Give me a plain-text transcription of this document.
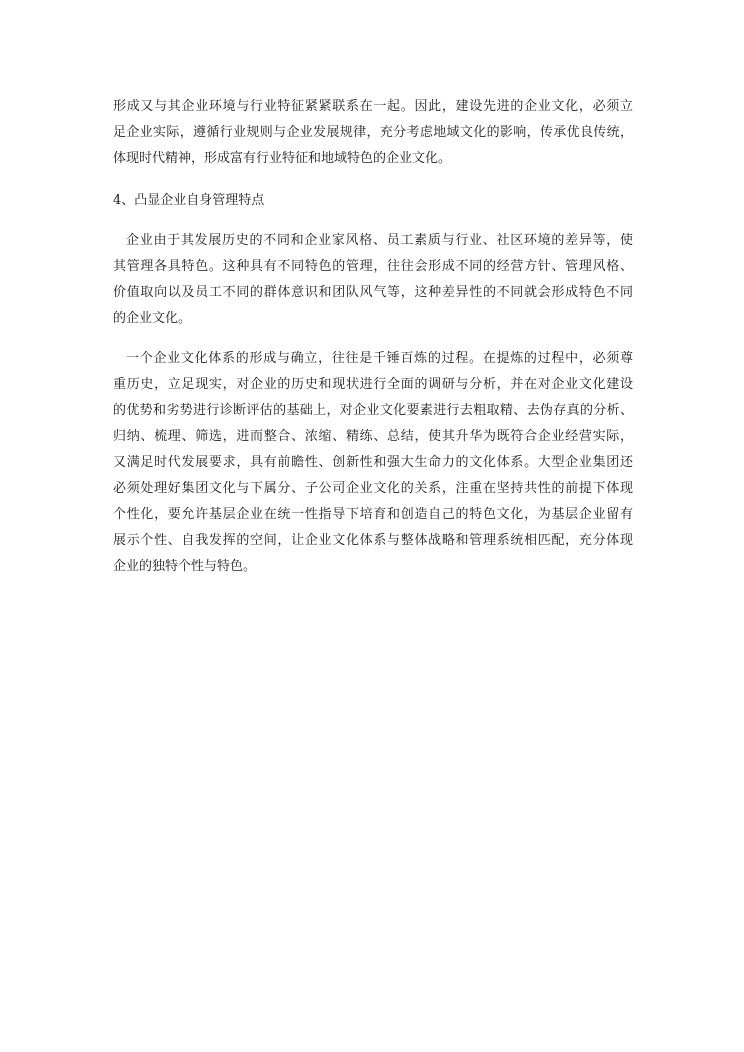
形成又与其企业环境与行业特征紧紧联系在一起。因此，建设先进的企业文化，必须立
足企业实际，遵循行业规则与企业发展规律，充分考虑地域文化的影响，传承优良传统，
体现时代精神，形成富有行业特征和地域特色的企业文化。
4、凸显企业自身管理特点
企业由于其发展历史的不同和企业家风格、员工素质与行业、社区环境的差异等，使
其管理各具特色。这种具有不同特色的管理，往往会形成不同的经营方针、管理风格、
价值取向以及员工不同的群体意识和团队风气等，这种差异性的不同就会形成特色不同
的企业文化。
一个企业文化体系的形成与确立，往往是千锤百炼的过程。在提炼的过程中，必须尊
重历史，立足现实，对企业的历史和现状进行全面的调研与分析，并在对企业文化建设
的优势和劣势进行诊断评估的基础上，对企业文化要素进行去粗取精、去伪存真的分析、
归纳、梳理、筛选，进而整合、浓缩、精练、总结，使其升华为既符合企业经营实际，
又满足时代发展要求，具有前瞻性、创新性和强大生命力的文化体系。大型企业集团还
必须处理好集团文化与下属分、子公司企业文化的关系，注重在坚持共性的前提下体现
个性化，要允许基层企业在统一性指导下培育和创造自己的特色文化，为基层企业留有
展示个性、自我发挥的空间，让企业文化体系与整体战略和管理系统相匹配，充分体现
企业的独特个性与特色。
